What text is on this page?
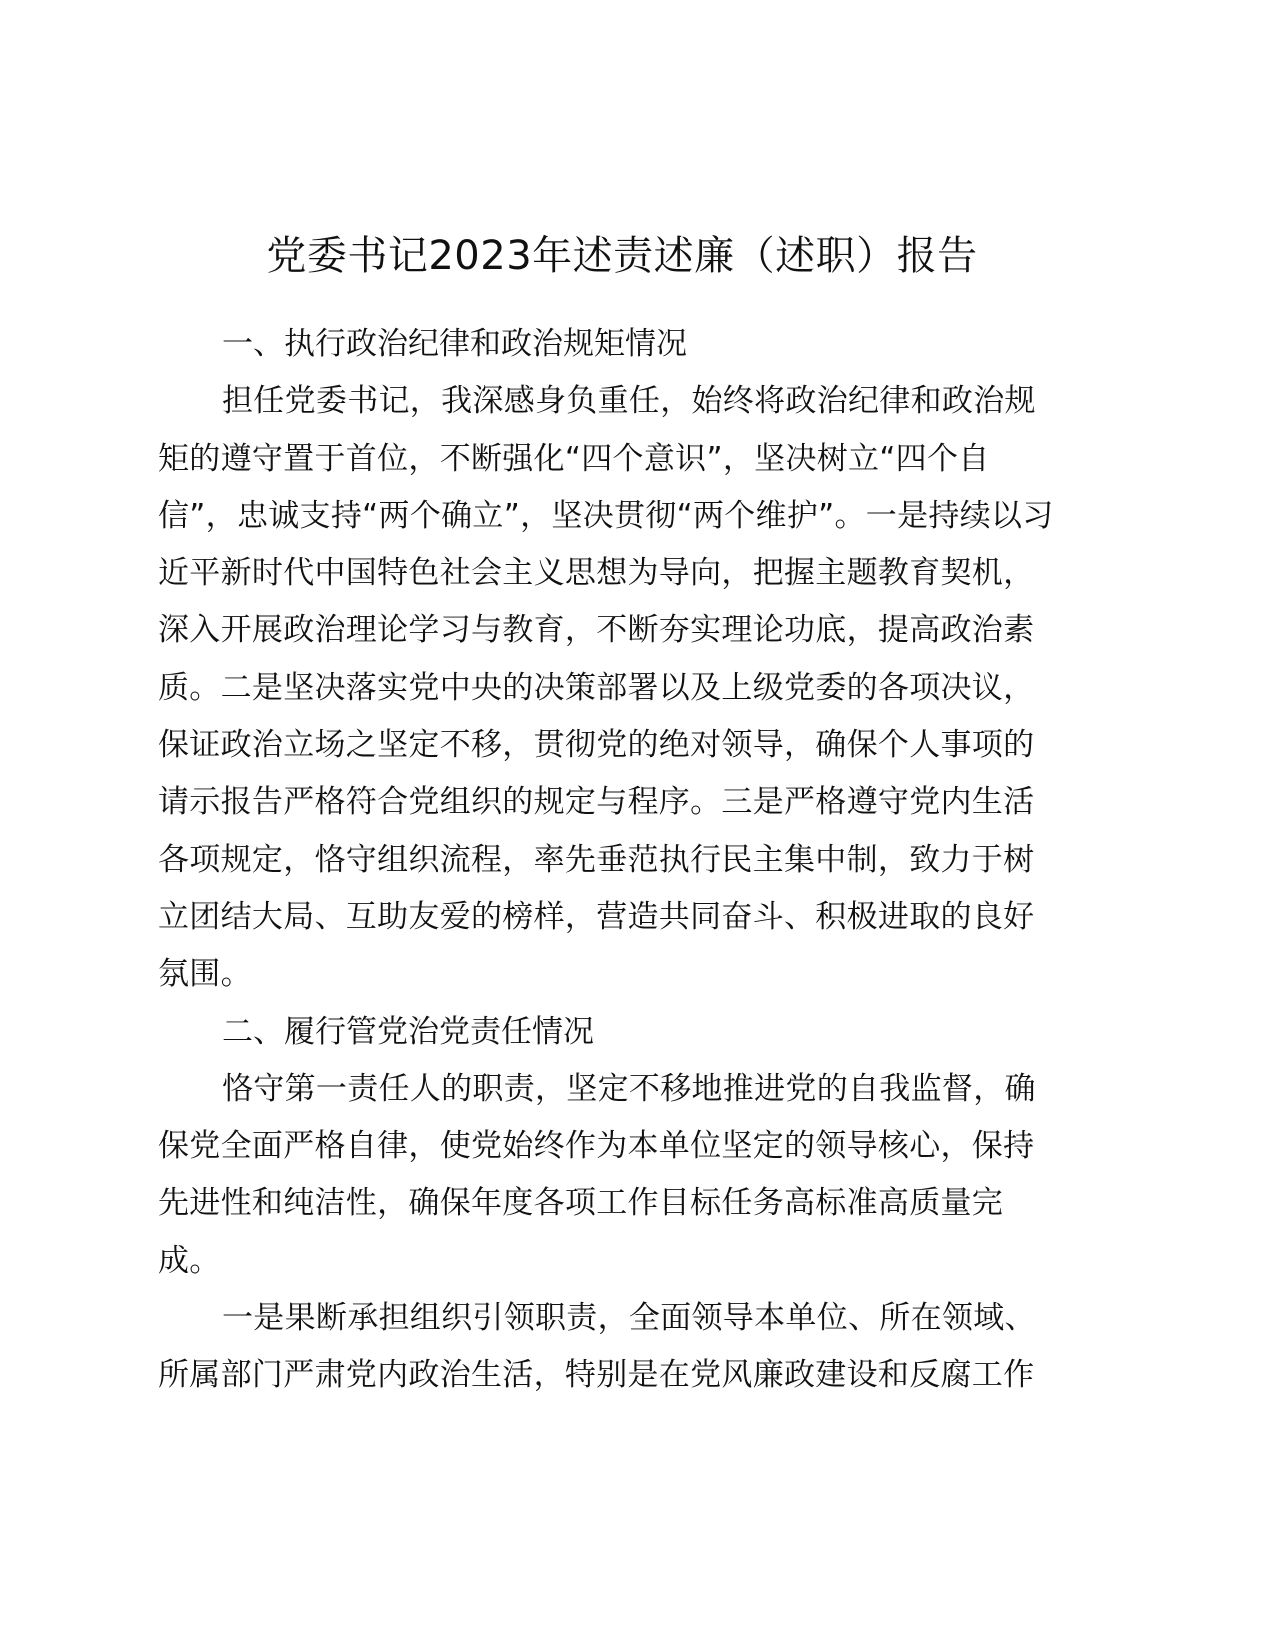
党委书记2023年述责述廉（述职）报告
一、执行政治纪律和政治规矩情况

担任党委书记，我深感身负重任，始终将政治纪律和政治规
矩的遵守置于首位，不断强化“四个意识”，坚决树立“四个自
信”，忠诚支持“两个确立”，坚决贯彻“两个维护”。一是持续以习
近平新时代中国特色社会主义思想为导向，把握主题教育契机，
深入开展政治理论学习与教育，不断夯实理论功底，提高政治素
质。二是坚决落实党中央的决策部署以及上级党委的各项决议，
保证政治立场之坚定不移，贯彻党的绝对领导，确保个人事项的
请示报告严格符合党组织的规定与程序。三是严格遵守党内生活
各项规定，恪守组织流程，率先垂范执行民主集中制，致力于树
立团结大局、互助友爱的榜样，营造共同奋斗、积极进取的良好
氛围。

二、履行管党治党责任情况

恪守第一责任人的职责，坚定不移地推进党的自我监督，确
保党全面严格自律，使党始终作为本单位坚定的领导核心，保持
先进性和纯洁性，确保年度各项工作目标任务高标准高质量完
成。

一是果断承担组织引领职责，全面领导本单位、所在领域、
所属部门严肃党内政治生活，特别是在党风廉政建设和反腐工作
